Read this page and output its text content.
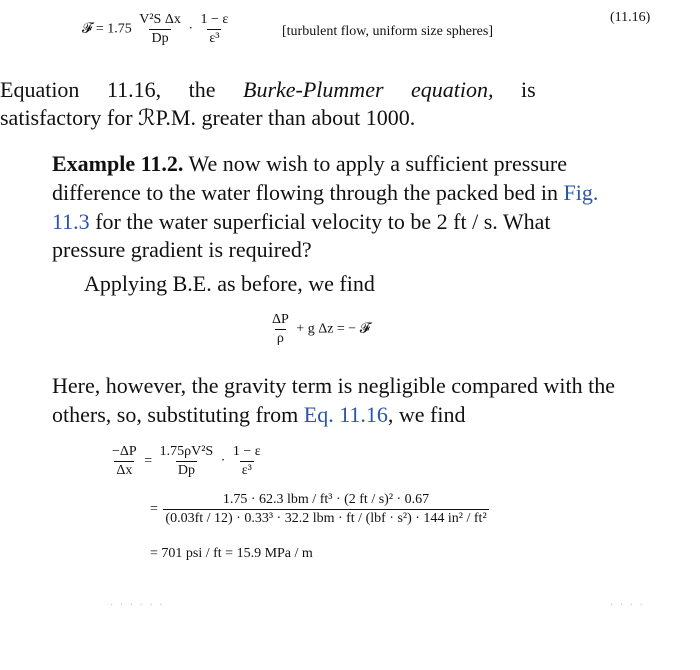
𝓕 = $1.75 \frac{\text{V²S Δx}}{Dp} \cdot \frac{1 - \varepsilon}{\text{ε³}}$	[turbulent flow, uniform size spheres]
(11.16)
Equation 11.16, the Burke-Plummer equation, is
satisfactory for ℛP.M. greater than about 1000.
Example 11.2. We now wish to apply a sufficient pressure
difference to the water flowing through the packed bed in Fig.
11.3 for the water superficial velocity to be 2 ft / s. What
pressure gradient is required?
Applying B.E. as before, we find
$\frac{\Delta P}{\rho} + g$ Δz = − 𝓕
Here, however, the gravity term is negligible compared with the
others, so, substituting from Eq. 11.16, we find
$\frac{-\Delta P}{\Delta x} = \frac{\text{1.75ρV²S}}{Dp} \cdot \frac{1 - \varepsilon}{\text{ε³}}$
=
1.75 · 62.3 lbm / ft³ · (2 ft / s)² · 0.67
(0.03ft / 12) · 0.33³ · 32.2 lbm · ft / (lbf · s²) · 144 in² / ft²
= 701 psi / ft = 15.9 MPa / m
· · · · · ·	· · · ·
